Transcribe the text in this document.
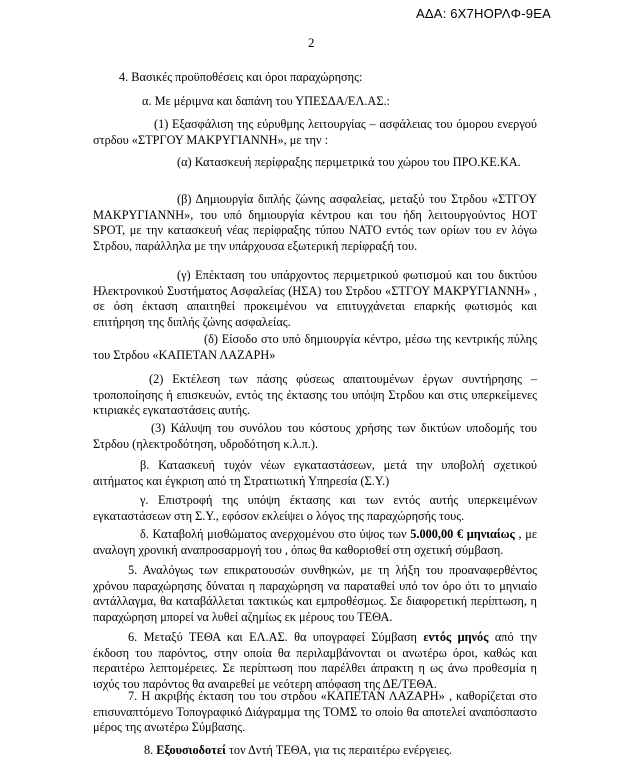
ΑΔΑ: 6Χ7ΗΟΡΛΦ-9ΕΑ
2

4. Βασικές προϋποθέσεις και όροι παραχώρησης:

α. Με μέριμνα και δαπάνη του ΥΠΕΣΔΑ/ΕΛ.ΑΣ.:

(1) Εξασφάλιση της εύρυθμης λειτουργίας – ασφάλειας του όμορου ενεργού στρδου «ΣΤΡΓΟΥ ΜΑΚΡΥΓΙΑΝΝΗ», με την :

(α) Κατασκευή περίφραξης περιμετρικά του χώρου του ΠΡΟ.ΚΕ.ΚΑ.

(β) Δημιουργία διπλής ζώνης ασφαλείας, μεταξύ του Στρδου «ΣΤΓΟΥ ΜΑΚΡΥΓΙΑΝΝΗ», του υπό δημιουργία κέντρου και του ήδη λειτουργούντος HOT SPOT, με την κατασκευή νέας περίφραξης τύπου ΝΑΤΟ εντός των ορίων του εν λόγω Στρδου, παράλληλα με την υπάρχουσα εξωτερική περίφραξή του.

(γ) Επέκταση του υπάρχοντος περιμετρικού φωτισμού και του δικτύου Ηλεκτρονικού Συστήματος Ασφαλείας (ΗΣΑ) του Στρδου «ΣΤΓΟΥ ΜΑΚΡΥΓΙΑΝΝΗ» , σε όση έκταση απαιτηθεί προκειμένου να επιτυγχάνεται επαρκής φωτισμός και επιτήρηση της διπλής ζώνης ασφαλείας.

(δ) Είσοδο στο υπό δημιουργία κέντρο, μέσω της κεντρικής πύλης του Στρδου «ΚΑΠΕΤΑΝ ΛΑΖΑΡΗ»

(2) Εκτέλεση των πάσης φύσεως απαιτουμένων έργων συντήρησης – τροποποίησης ή επισκευών, εντός της έκτασης του υπόψη Στρδου και στις υπερκείμενες κτιριακές εγκαταστάσεις αυτής.

(3) Κάλυψη του συνόλου του κόστους χρήσης των δικτύων υποδομής του Στρδου (ηλεκτροδότηση, υδροδότηση κ.λ.π.).

β. Κατασκευή τυχόν νέων εγκαταστάσεων, μετά την υποβολή σχετικού αιτήματος και έγκριση από τη Στρατιωτική Υπηρεσία (Σ.Υ.)

γ. Επιστροφή της υπόψη έκτασης και των εντός αυτής υπερκειμένων εγκαταστάσεων στη Σ.Υ., εφόσον εκλείψει ο λόγος της παραχώρησής τους.

δ. Καταβολή μισθώματος ανερχομένου στο ύψος των 5.000,00 € μηνιαίως , με αναλογη χρονική αναπροσαρμογή του , όπως θα καθορισθεί στη σχετική σύμβαση.

5. Αναλόγως των επικρατουσών συνθηκών, με τη λήξη του προαναφερθέντος χρόνου παραχώρησης δύναται η παραχώρηση να παραταθεί υπό τον όρο ότι το μηνιαίο αντάλλαγμα, θα καταβάλλεται τακτικώς και εμπροθέσμως. Σε διαφορετική περίπτωση, η παραχώρηση μπορεί να λυθεί αζημίως εκ μέρους του ΤΕΘΑ.

6. Μεταξύ ΤΕΘΑ και ΕΛ.ΑΣ. θα υπογραφεί Σύμβαση εντός μηνός από την έκδοση του παρόντος, στην οποία θα περιλαμβάνονται οι ανωτέρω όροι, καθώς και περαιτέρω λεπτομέρειες. Σε περίπτωση που παρέλθει άπρακτη η ως άνω προθεσμία η ισχύς του παρόντος θα αναιρεθεί με νεότερη απόφαση της ΔΕ/ΤΕΘΑ.

7. Η ακριβής έκταση του του στρδου «ΚΑΠΕΤΑΝ ΛΑΖΑΡΗ» , καθορίζεται στο επισυναπτόμενο Τοπογραφικό Διάγραμμα της ΤΟΜΣ το οποίο θα αποτελεί αναπόσπαστο μέρος της ανωτέρω Σύμβασης.

8. Εξουσιοδοτεί τον Δντή ΤΕΘΑ, για τις περαιτέρω ενέργειες.
